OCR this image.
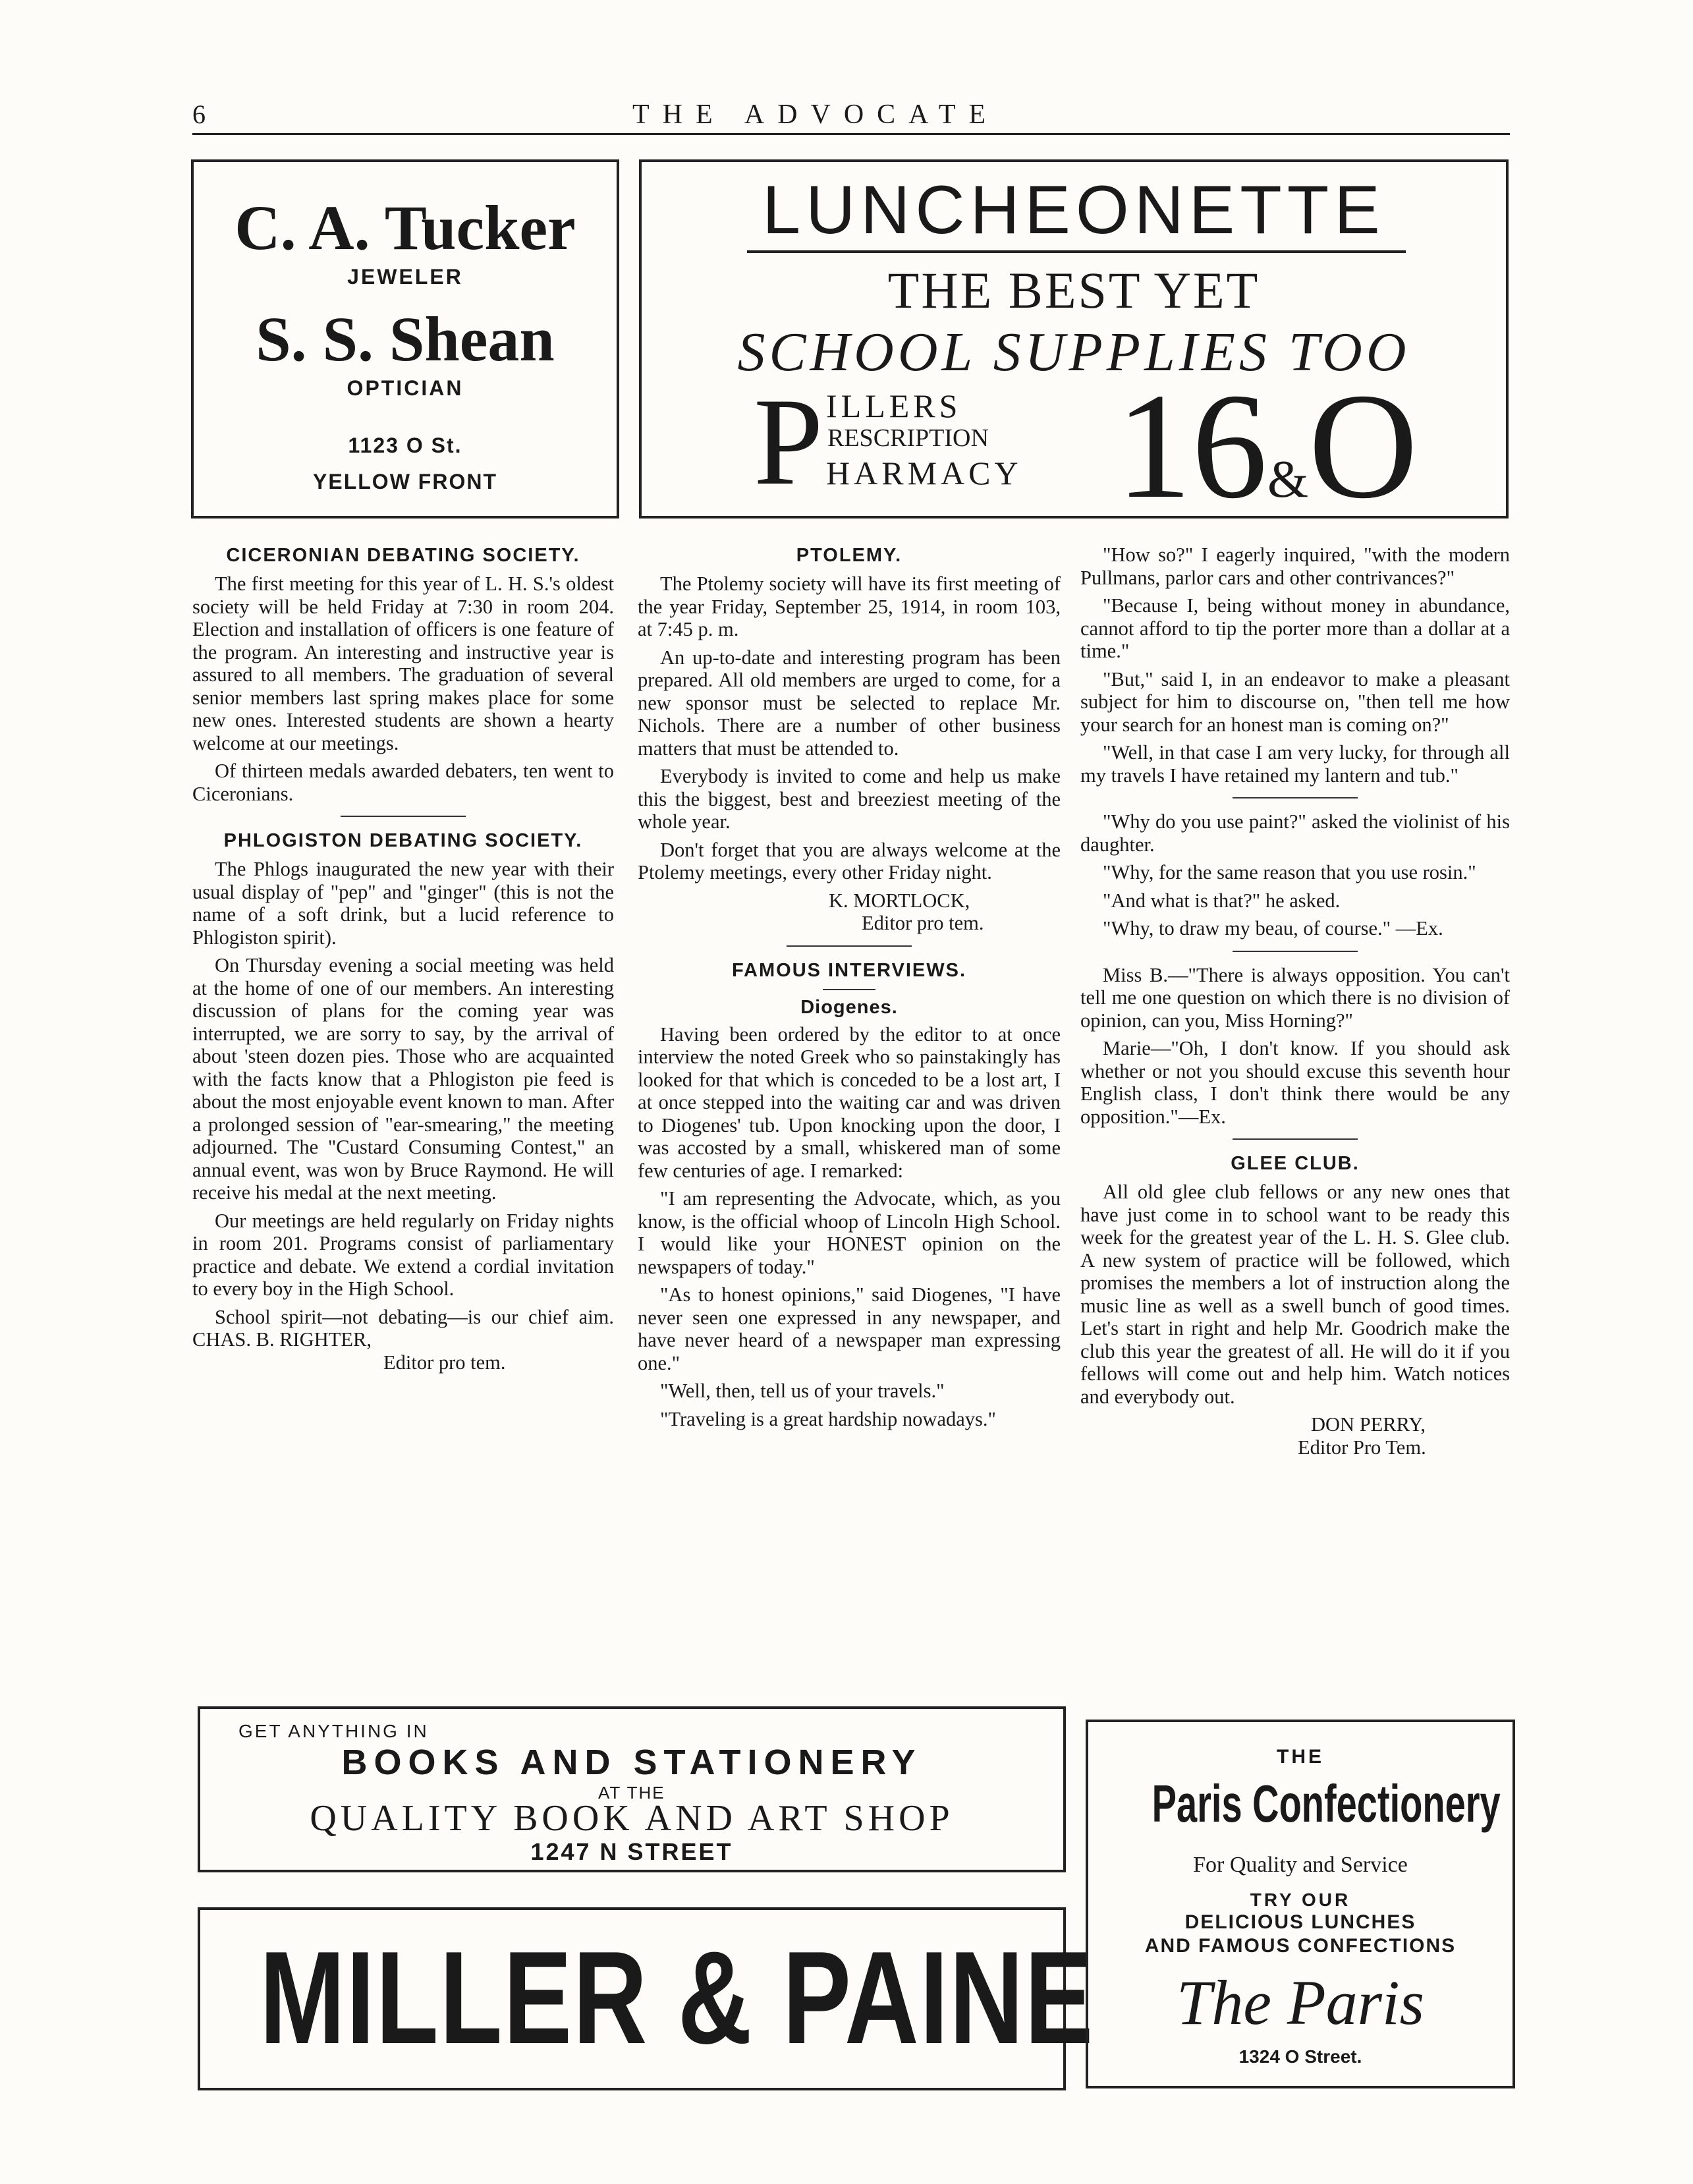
6	THE ADVOCATE
C. A. Tucker
JEWELER
S. S. Shean
OPTICIAN
1123 O St.
YELLOW FRONT
LUNCHEONETTE
THE BEST YET
SCHOOL SUPPLIES TOO
P ILLERS
RESCRIPTION
HARMACY 16&O
CICERONIAN DEBATING SOCIETY.

The first meeting for this year of L. H. S.'s oldest society will be held Friday at 7:30 in room 204. Election and installation of officers is one feature of the program. An interesting and instructive year is assured to all members. The graduation of several senior members last spring makes place for some new ones. Interested students are shown a hearty welcome at our meetings.

Of thirteen medals awarded debaters, ten went to Ciceronians.

PHLOGISTON DEBATING SOCIETY.

The Phlogs inaugurated the new year with their usual display of "pep" and "ginger" (this is not the name of a soft drink, but a lucid reference to Phlogiston spirit).

On Thursday evening a social meeting was held at the home of one of our members. An interesting discussion of plans for the coming year was interrupted, we are sorry to say, by the arrival of about 'steen dozen pies. Those who are acquainted with the facts know that a Phlogiston pie feed is about the most enjoyable event known to man. After a prolonged session of "ear-smearing," the meeting adjourned. The "Custard Consuming Contest," an annual event, was won by Bruce Raymond. He will receive his medal at the next meeting.

Our meetings are held regularly on Friday nights in room 201. Programs consist of parliamentary practice and debate. We extend a cordial invitation to every boy in the High School.

School spirit—not debating—is our chief aim. CHAS. B. RIGHTER,

Editor pro tem.

PTOLEMY.

The Ptolemy society will have its first meeting of the year Friday, September 25, 1914, in room 103, at 7:45 p. m.

An up-to-date and interesting program has been prepared. All old members are urged to come, for a new sponsor must be selected to replace Mr. Nichols. There are a number of other business matters that must be attended to.

Everybody is invited to come and help us make this the biggest, best and breeziest meeting of the whole year.

Don't forget that you are always welcome at the Ptolemy meetings, every other Friday night.

K. MORTLOCK,

Editor pro tem.

FAMOUS INTERVIEWS.
Diogenes.

Having been ordered by the editor to at once interview the noted Greek who so painstakingly has looked for that which is conceded to be a lost art, I at once stepped into the waiting car and was driven to Diogenes' tub. Upon knocking upon the door, I was accosted by a small, whiskered man of some few centuries of age. I remarked:

"I am representing the Advocate, which, as you know, is the official whoop of Lincoln High School. I would like your HONEST opinion on the newspapers of today."

"As to honest opinions," said Diogenes, "I have never seen one expressed in any newspaper, and have never heard of a newspaper man expressing one."

"Well, then, tell us of your travels."

"Traveling is a great hardship nowadays."

"How so?" I eagerly inquired, "with the modern Pullmans, parlor cars and other contrivances?"

"Because I, being without money in abundance, cannot afford to tip the porter more than a dollar at a time."

"But," said I, in an endeavor to make a pleasant subject for him to discourse on, "then tell me how your search for an honest man is coming on?"

"Well, in that case I am very lucky, for through all my travels I have retained my lantern and tub."

"Why do you use paint?" asked the violinist of his daughter.

"Why, for the same reason that you use rosin."

"And what is that?" he asked.

"Why, to draw my beau, of course." —Ex.

Miss B.—"There is always opposition. You can't tell me one question on which there is no division of opinion, can you, Miss Horning?"

Marie—"Oh, I don't know. If you should ask whether or not you should excuse this seventh hour English class, I don't think there would be any opposition."—Ex.

GLEE CLUB.

All old glee club fellows or any new ones that have just come in to school want to be ready this week for the greatest year of the L. H. S. Glee club. A new system of practice will be followed, which promises the members a lot of instruction along the music line as well as a swell bunch of good times. Let's start in right and help Mr. Goodrich make the club this year the greatest of all. He will do it if you fellows will come out and help him. Watch notices and everybody out.

DON PERRY,

Editor Pro Tem.

GET ANYTHING IN
BOOKS AND STATIONERY
AT THE
QUALITY BOOK AND ART SHOP
1247 N STREET
MILLER & PAINE
THE
Paris Confectionery
For Quality and Service
TRY OUR
DELICIOUS LUNCHES
AND FAMOUS CONFECTIONS
The Paris
1324 O Street.
